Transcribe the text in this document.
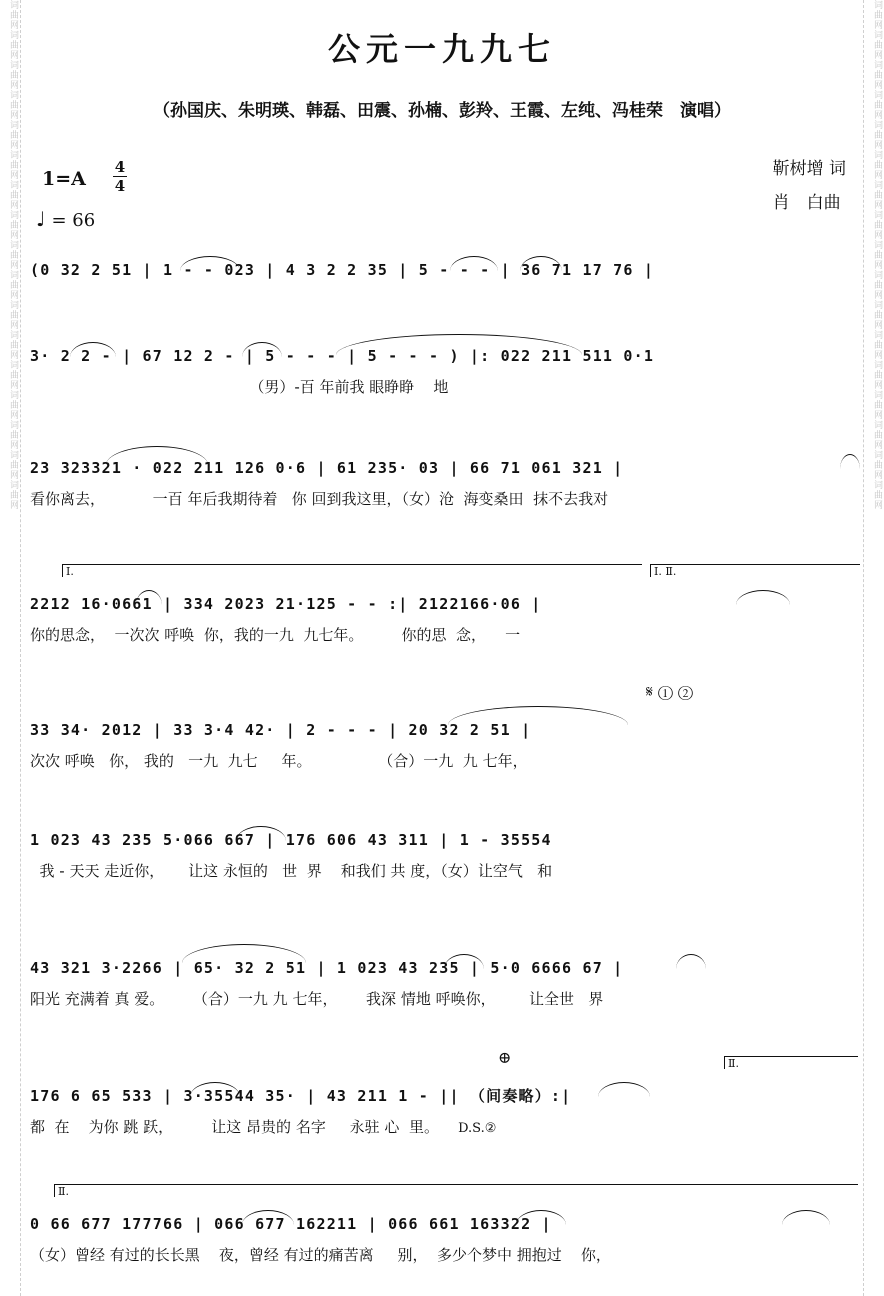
词曲网词曲网词曲网词曲网词曲网词曲网词曲网词曲网词曲网词曲网词曲网词曲网词曲网词曲网词曲网词曲网词曲网	词曲网词曲网词曲网词曲网词曲网词曲网词曲网词曲网词曲网词曲网词曲网词曲网词曲网词曲网词曲网词曲网词曲网
公元一九九七
（孙国庆、朱明瑛、韩磊、田震、孙楠、彭羚、王霞、左纯、冯桂荣　演唱）
1=A
4
4
♩ = 66
靳树增 词
肖　白曲
(0 32 2 51 | 1 - - 023 | 4 3 2 2 35 | 5 - - - | 36 71 17 76 |
3· 2 2 - | 67 12 2 - | 5 - - - | 5 - - - ) |: 022 211 511 0·1
（男）-百 年前我 眼睁睁    地
23 323321 · 022 211 126 0·6 | 61 235· 03 | 66 71 061 321 |
看你离去，          一百 年后我期待着   你 回到我这里，（女）沧  海变桑田  抹不去我对
Ⅰ.	Ⅰ. Ⅱ.
2212 16·0661 | 334 2023 21·125 - - :| 2122166·06 |
你的思念，  一次次 呼唤  你，我的一九  九七年。        你的思  念，    一
𝄋 ① ②
33 34· 2012 | 33 3·4 42· | 2 - - - | 20 32 2 51 |
次次 呼唤   你， 我的   一九  九七     年。              （合）一九  九 七年，
1 023 43 235 5·066 667 | 176 606 43 311 | 1 - 35554
我 - 天天 走近你，     让这 永恒的   世  界    和我们 共 度，（女）让空气   和
43 321 3·2266 | 65· 32 2 51 | 1 023 43 235 | 5·0 6666 67 |
阳光 充满着 真 爱。      （合）一九 九 七年，      我深 情地 呼唤你，       让全世   界
⊕	Ⅱ.
176 6 65 533 | 3·35544 35· | 43 211 1 - || （间奏略）:|
都  在    为你 跳 跃，        让这 昂贵的 名字     永驻 心  里。 D.S.②
Ⅱ.
0 66 677 177766 | 066 677 162211 | 066 661 163322 |
（女）曾经 有过的长长黑    夜，曾经 有过的痛苦离     别，  多少个梦中 拥抱过    你，
